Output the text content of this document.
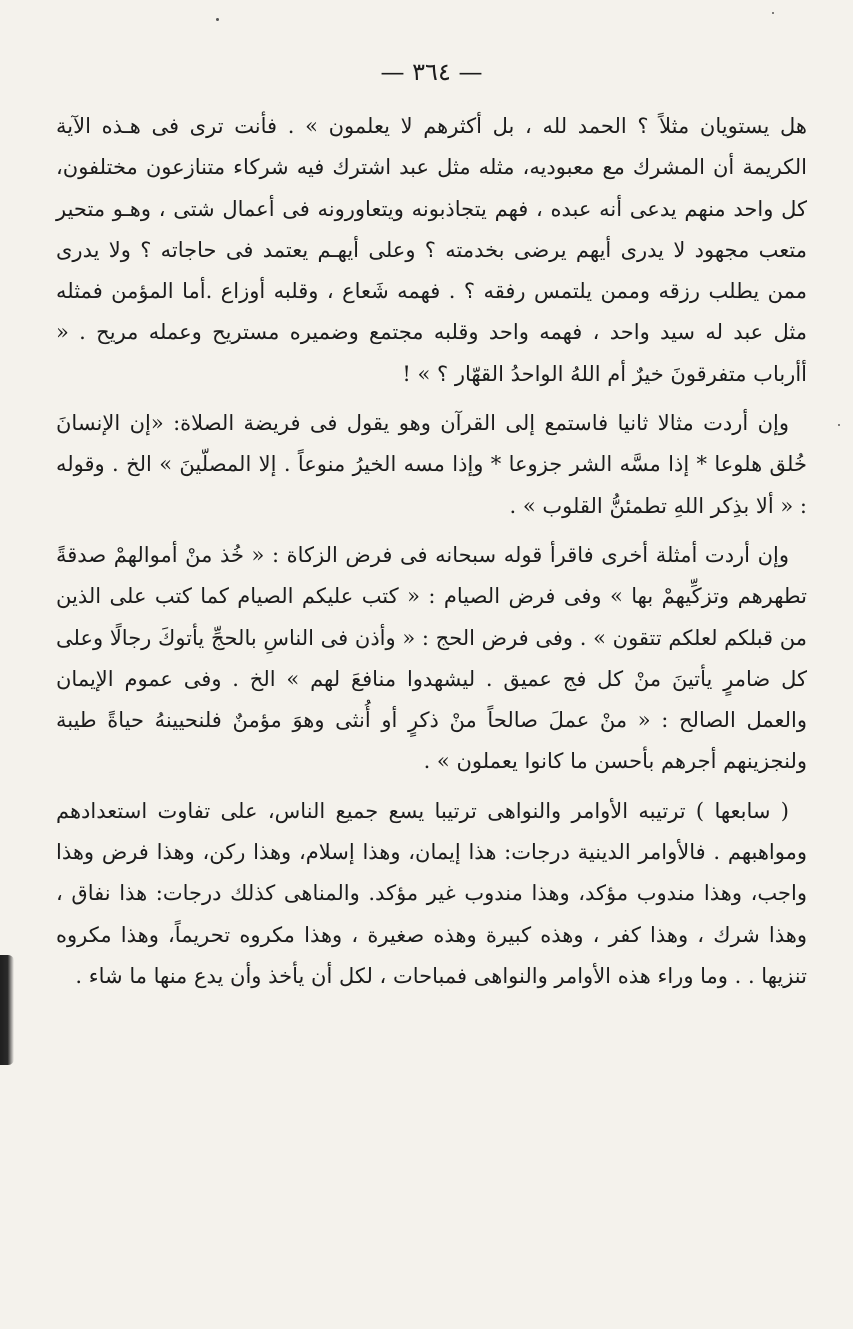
— ٣٦٤ —

هل يستويان مثلاً ؟ الحمد لله ، بل أكثرهم لا يعلمون » . فأنت ترى فى هـذه الآية الكريمة أن المشرك مع معبوديه، مثله مثل عبد اشترك فيه شركاء متنازعون مختلفون، كل واحد منهم يدعى أنه عبده ، فهم يتجاذبونه ويتعاورونه فى أعمال شتى ، وهـو متحير متعب مجهود لا يدرى أيهم يرضى بخدمته ؟ وعلى أيهـم يعتمد فى حاجاته ؟ ولا يدرى ممن يطلب رزقه وممن يلتمس رفقه ؟ . فهمه شَعاع ، وقلبه أوزاع .أما المؤمن فمثله مثل عبد له سيد واحد ، فهمه واحد وقلبه مجتمع وضميره مستريح وعمله مريح . « أأرباب متفرقونَ خيرٌ أم اللهُ الواحدُ القهّار ؟ » !

وإن أردت مثالا ثانيا فاستمع إلى القرآن وهو يقول فى فريضة الصلاة: «إن الإنسانَ خُلق هلوعا * إذا مسَّه الشر جزوعا * وإذا مسه الخيرُ منوعاً . إلا المصلّينَ » الخ . وقوله : « ألا بذِكر اللهِ تطمئنُّ القلوب » .

وإن أردت أمثلة أخرى فاقرأ قوله سبحانه فى فرض الزكاة : « خُذ منْ أموالهمْ صدقةً تطهرهم وتزكِّيهمْ بها » وفى فرض الصيام : « كتب عليكم الصيام كما كتب على الذين من قبلكم لعلكم تتقون » . وفى فرض الحج : « وأذن فى الناسِ بالحجِّ يأتوكَ رجالًا وعلى كل ضامرٍ يأتينَ منْ كل فج عميق . ليشهدوا منافعَ لهم » الخ . وفى عموم الإيمان والعمل الصالح : « منْ عملَ صالحاً منْ ذكرٍ أو أُنثى وهوَ مؤمنٌ فلنحيينهُ حياةً طيبة ولنجزينهم أجرهم بأحسن ما كانوا يعملون » .

( سابعها ) ترتيبه الأوامر والنواهى ترتيبا يسع جميع الناس، على تفاوت استعدادهم ومواهبهم . فالأوامر الدينية درجات: هذا إيمان، وهذا إسلام، وهذا ركن، وهذا فرض وهذا واجب، وهذا مندوب مؤكد، وهذا مندوب غير مؤكد. والمناهى كذلك درجات: هذا نفاق ، وهذا شرك ، وهذا كفر ، وهذه كبيرة وهذه صغيرة ، وهذا مكروه تحريماً، وهذا مكروه تنزيها . . وما وراء هذه الأوامر والنواهى فمباحات ، لكل أن يأخذ وأن يدع منها ما شاء .
